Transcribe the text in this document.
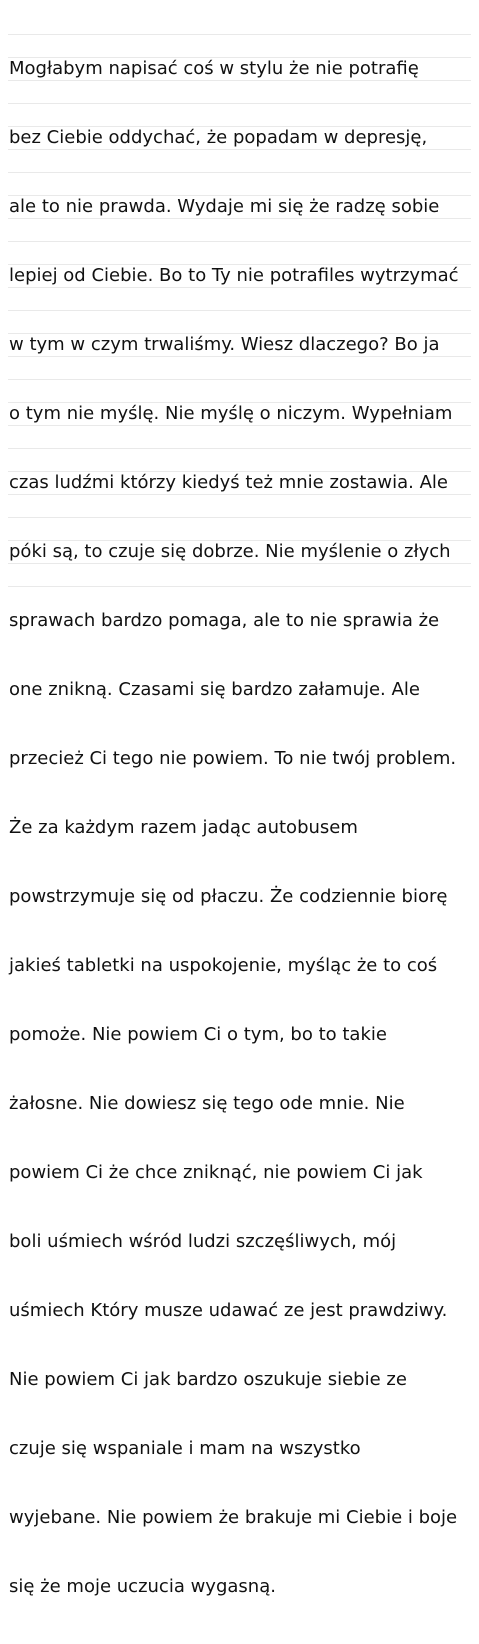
Mogłabym napisać coś w stylu że nie potrafię

bez Ciebie oddychać, że popadam w depresję,

ale to nie prawda. Wydaje mi się że radzę sobie

lepiej od Ciebie. Bo to Ty nie potrafiles wytrzymać

w tym w czym trwaliśmy. Wiesz dlaczego? Bo ja

o tym nie myślę. Nie myślę o niczym. Wypełniam

czas ludźmi którzy kiedyś też mnie zostawia. Ale

póki są, to czuje się dobrze. Nie myślenie o złych

sprawach bardzo pomaga, ale to nie sprawia że

one znikną. Czasami się bardzo załamuje. Ale

przecież Ci tego nie powiem. To nie twój problem.

Że za każdym razem jadąc autobusem

powstrzymuje się od płaczu. Że codziennie biorę

jakieś tabletki na uspokojenie, myśląc że to coś

pomoże. Nie powiem Ci o tym, bo to takie

żałosne. Nie dowiesz się tego ode mnie. Nie

powiem Ci że chce zniknąć, nie powiem Ci jak

boli uśmiech wśród ludzi szczęśliwych, mój

uśmiech Który musze udawać ze jest prawdziwy.

Nie powiem Ci jak bardzo oszukuje siebie ze

czuje się wspaniale i mam na wszystko

wyjebane. Nie powiem że brakuje mi Ciebie i boje

się że moje uczucia wygasną.
